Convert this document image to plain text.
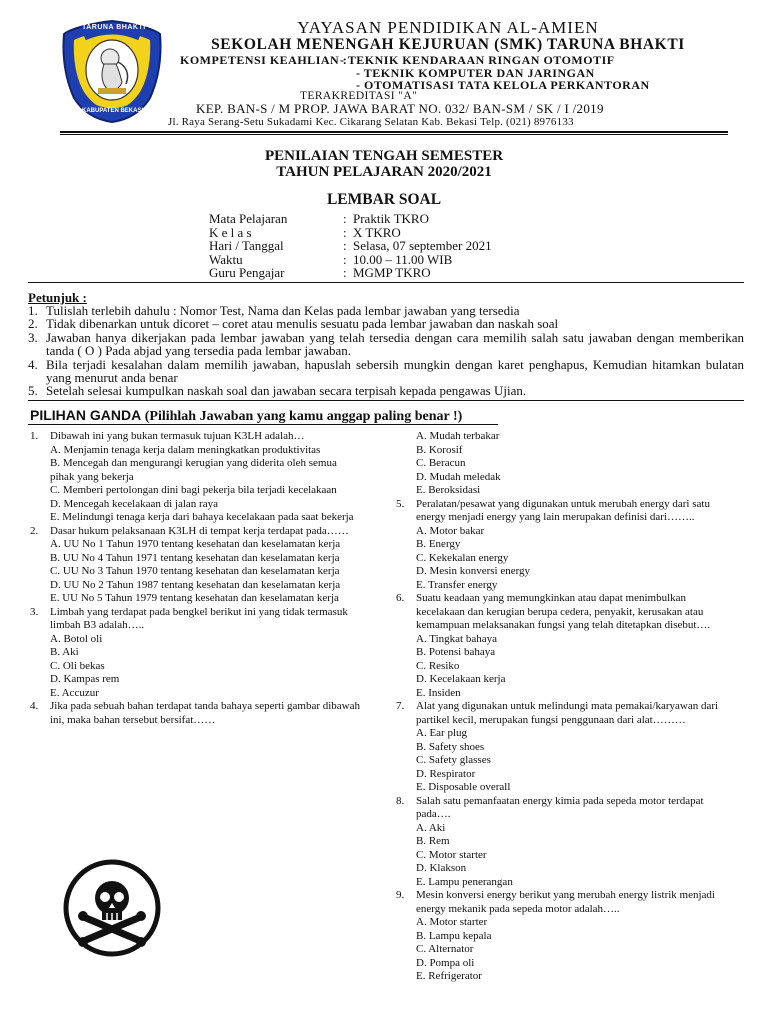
TARUNA BHAKTI
KABUPATEN BEKASI
YAYASAN PENDIDIKAN AL-AMIEN
SEKOLAH MENENGAH KEJURUAN (SMK) TARUNA BHAKTI
KOMPETENSI KEAHLIAN :
- TEKNIK KENDARAAN RINGAN OTOMOTIF
- TEKNIK KOMPUTER DAN JARINGAN
- OTOMATISASI TATA KELOLA PERKANTORAN
TERAKREDITASI "A"
KEP. BAN-S / M PROP. JAWA BARAT NO. 032/ BAN-SM / SK / I /2019
Jl. Raya Serang-Setu Sukadami Kec. Cikarang Selatan Kab. Bekasi Telp. (021) 8976133
PENILAIAN TENGAH SEMESTER
TAHUN PELAJARAN 2020/2021
LEMBAR SOAL
Mata Pelajaran	: Praktik TKRO
K e l a s	: X TKRO
Hari / Tanggal	: Selasa, 07 september 2021
Waktu	: 10.00 – 11.00 WIB
Guru Pengajar	: MGMP TKRO
Petunjuk :
1. Tulislah terlebih dahulu : Nomor Test, Nama dan Kelas pada lembar jawaban yang tersedia
2. Tidak dibenarkan untuk dicoret – coret atau menulis sesuatu pada lembar jawaban dan naskah soal
3. Jawaban hanya dikerjakan pada lembar jawaban yang telah tersedia dengan cara memilih salah satu jawaban dengan memberikan tanda ( O ) Pada abjad yang tersedia pada lembar jawaban.
4. Bila terjadi kesalahan dalam memilih jawaban, hapuslah sebersih mungkin dengan karet penghapus, Kemudian hitamkan bulatan yang menurut anda benar
5. Setelah selesai kumpulkan naskah soal dan jawaban secara terpisah kepada pengawas Ujian.
PILIHAN GANDA (Pilihlah Jawaban yang kamu anggap paling benar !)
1.	Dibawah ini yang bukan termasuk tujuan K3LH adalah…
A. Menjamin tenaga kerja dalam meningkatkan produktivitas
B. Mencegah dan mengurangi kerugian yang diderita oleh semua pihak yang bekerja
C. Memberi pertolongan dini bagi pekerja bila terjadi kecelakaan
D. Mencegah kecelakaan di jalan raya
E. Melindungi tenaga kerja dari bahaya kecelakaan pada saat bekerja
2.	Dasar hukum pelaksanaan K3LH di tempat kerja terdapat pada……
A. UU No 1 Tahun 1970 tentang kesehatan dan keselamatan kerja
B. UU No 4 Tahun 1971 tentang kesehatan dan keselamatan kerja
C. UU No 3 Tahun 1970 tentang kesehatan dan keselamatan kerja
D. UU No 2 Tahun 1987 tentang kesehatan dan keselamatan kerja
E. UU No 5 Tahun 1979 tentang kesehatan dan keselamatan kerja
3.	Limbah yang terdapat pada bengkel berikut ini yang tidak termasuk limbah B3 adalah…..
A. Botol oli
B. Aki
C. Oli bekas
D. Kampas rem
E. Accuzur
4.	Jika pada sebuah bahan terdapat tanda bahaya seperti gambar dibawah ini, maka bahan tersebut bersifat……
A. Mudah terbakar
B. Korosif
C. Beracun
D. Mudah meledak
E. Beroksidasi
5.	Peralatan/pesawat yang digunakan untuk merubah energy dari satu energy menjadi energy yang lain merupakan definisi dari……..
A. Motor bakar
B. Energy
C. Kekekalan energy
D. Mesin konversi energy
E. Transfer energy
6.	Suatu keadaan yang memungkinkan atau dapat menimbulkan kecelakaan dan kerugian berupa cedera, penyakit, kerusakan atau kemampuan melaksanakan fungsi yang telah ditetapkan disebut….
A. Tingkat bahaya
B. Potensi bahaya
C. Resiko
D. Kecelakaan kerja
E. Insiden
7.	Alat yang digunakan untuk melindungi mata pemakai/karyawan dari partikel kecil, merupakan fungsi penggunaan dari alat………
A. Ear plug
B. Safety shoes
C. Safety glasses
D. Respirator
E. Disposable overall
8.	Salah satu pemanfaatan energy kimia pada sepeda motor terdapat pada….
A. Aki
B. Rem
C. Motor starter
D. Klakson
E. Lampu penerangan
9.	Mesin konversi energy berikut yang merubah energy listrik menjadi energy mekanik pada sepeda motor adalah…..
A. Motor starter
B. Lampu kepala
C. Alternator
D. Pompa oli
E. Refrigerator
